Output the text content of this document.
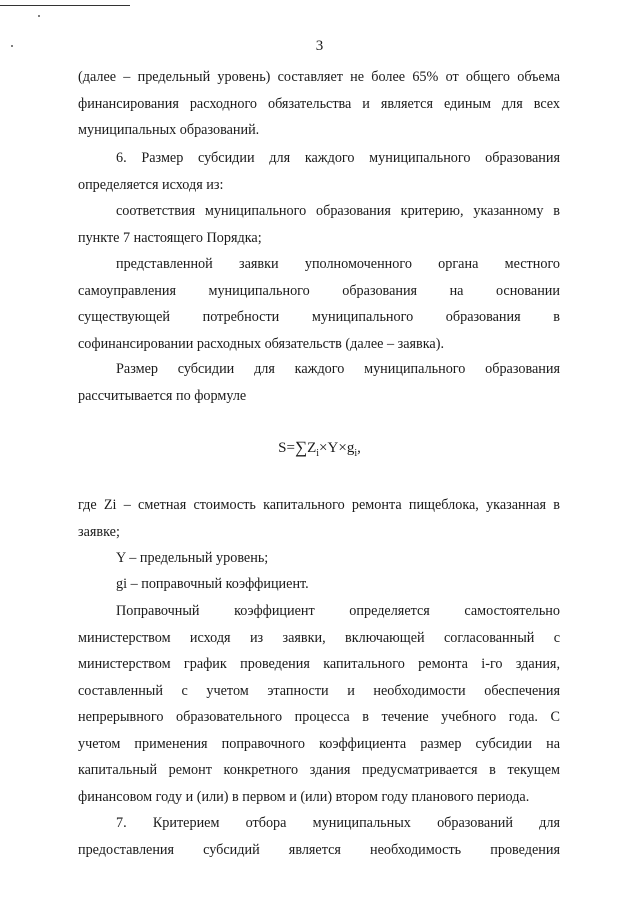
3
(далее – предельный уровень) составляет не более 65% от общего объема
финансирования расходного обязательства и является единым для всех
муниципальных образований.
6. Размер субсидии для каждого муниципального образования
определяется исходя из:
соответствия муниципального образования критерию, указанному в
пункте 7 настоящего Порядка;
представленной заявки уполномоченного органа местного
самоуправления муниципального образования на основании
существующей потребности муниципального образования в
софинансировании расходных обязательств (далее – заявка).
Размер субсидии для каждого муниципального образования
рассчитывается по формуле
$S=\sum Z_i\times Y\times g_i$,
где Zi – сметная стоимость капитального ремонта пищеблока, указанная в
заявке;
Y – предельный уровень;
gi – поправочный коэффициент.
Поправочный коэффициент определяется самостоятельно
министерством исходя из заявки, включающей согласованный с
министерством график проведения капитального ремонта i-го здания,
составленный с учетом этапности и необходимости обеспечения
непрерывного образовательного процесса в течение учебного года. С
учетом применения поправочного коэффициента размер субсидии на
капитальный ремонт конкретного здания предусматривается в текущем
финансовом году и (или) в первом и (или) втором году планового периода.
7. Критерием отбора муниципальных образований для
предоставления субсидий является необходимость проведения
